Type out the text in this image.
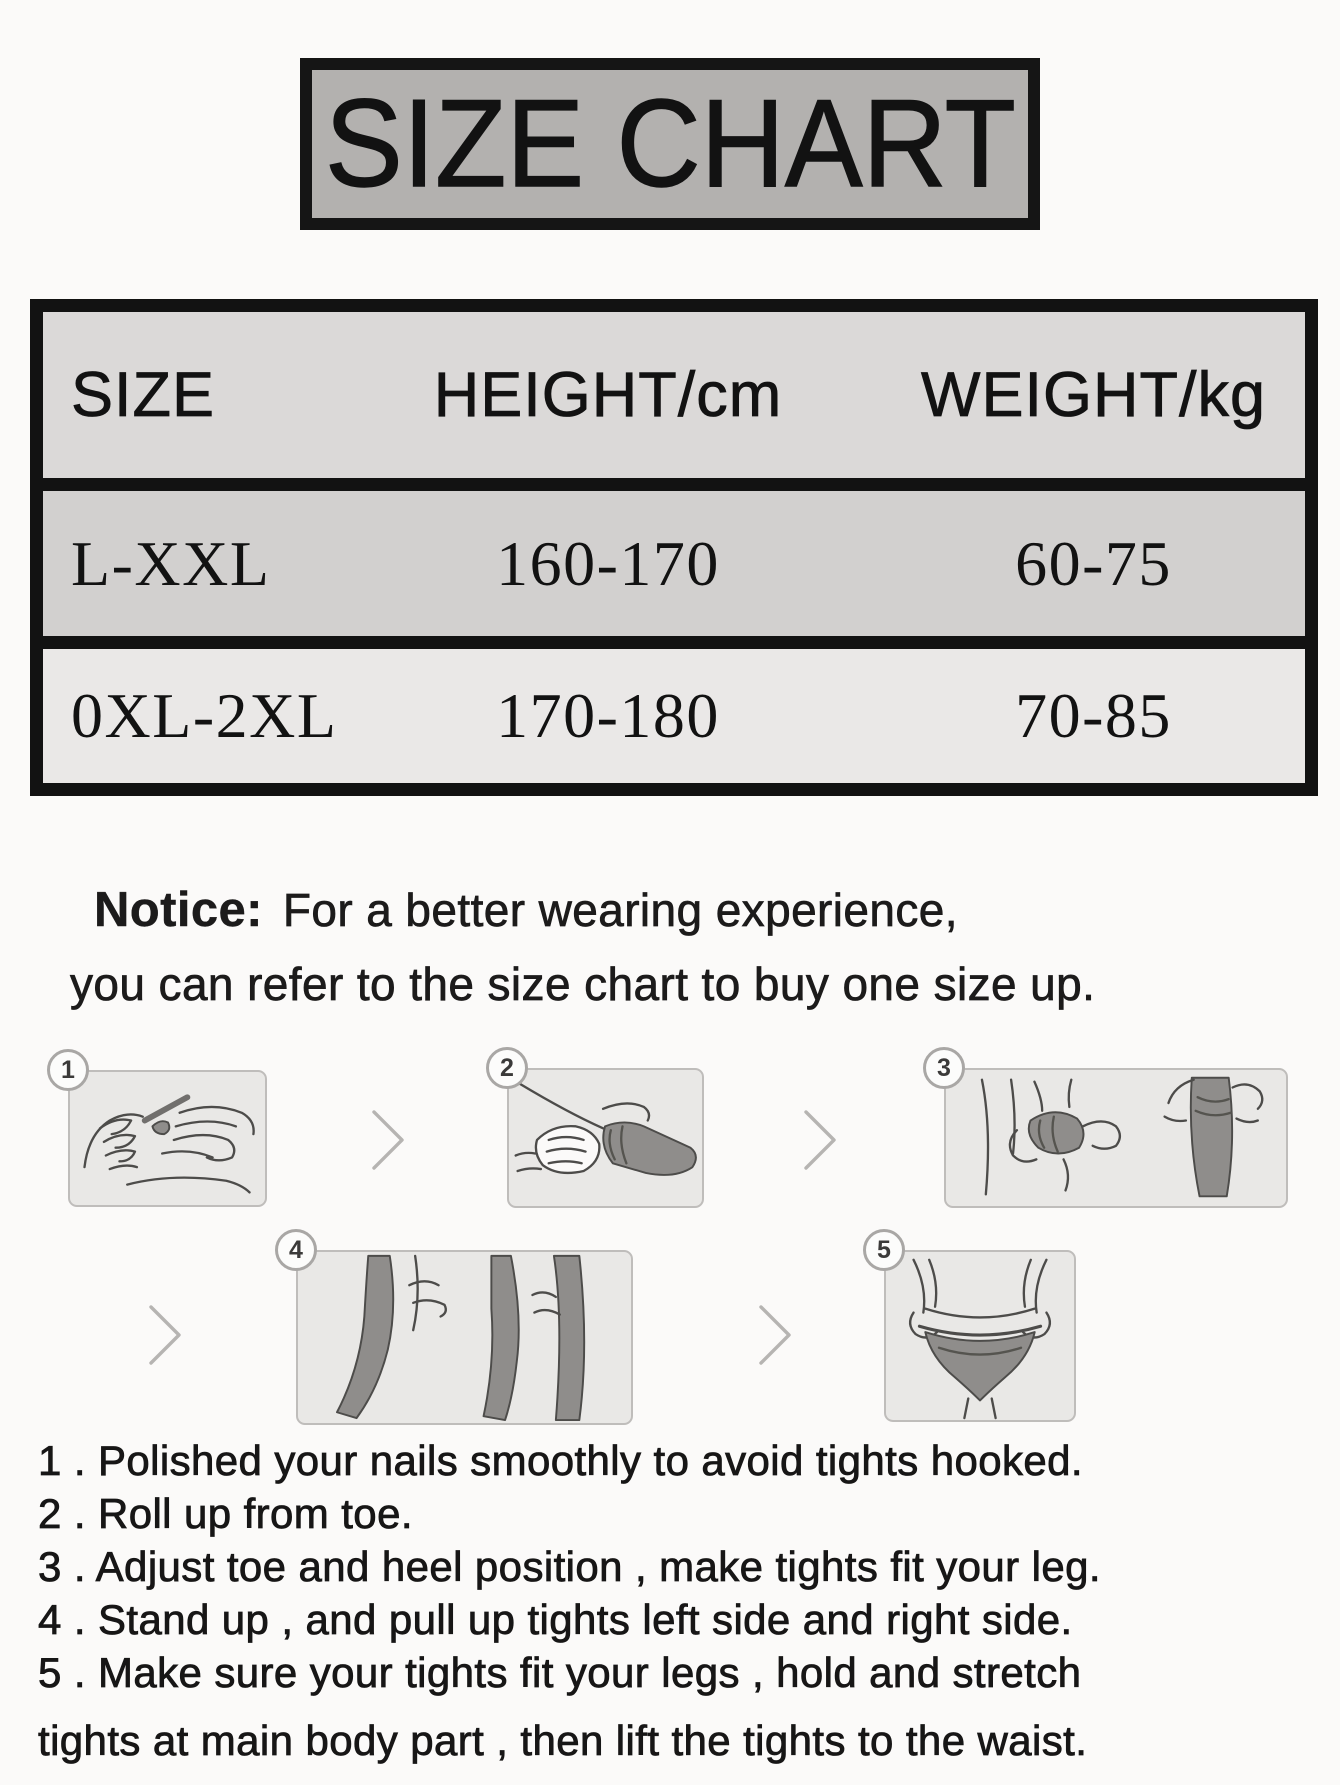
SIZE CHART
SIZE	HEIGHT/cm	WEIGHT/kg
L-XXL	160-170	60-75
0XL-2XL	170-180	70-85
Notice: For a better wearing experience,
you can refer to the size chart to buy one size up.
1	2	3
4	5
1 . Polished your nails smoothly to avoid tights hooked.
2 . Roll up from toe.
3 . Adjust toe and heel position , make tights fit your leg.
4 . Stand up , and pull up tights left side and right side.
5 . Make sure your tights fit your legs , hold and stretch
tights at main body part , then lift the tights to the waist.
